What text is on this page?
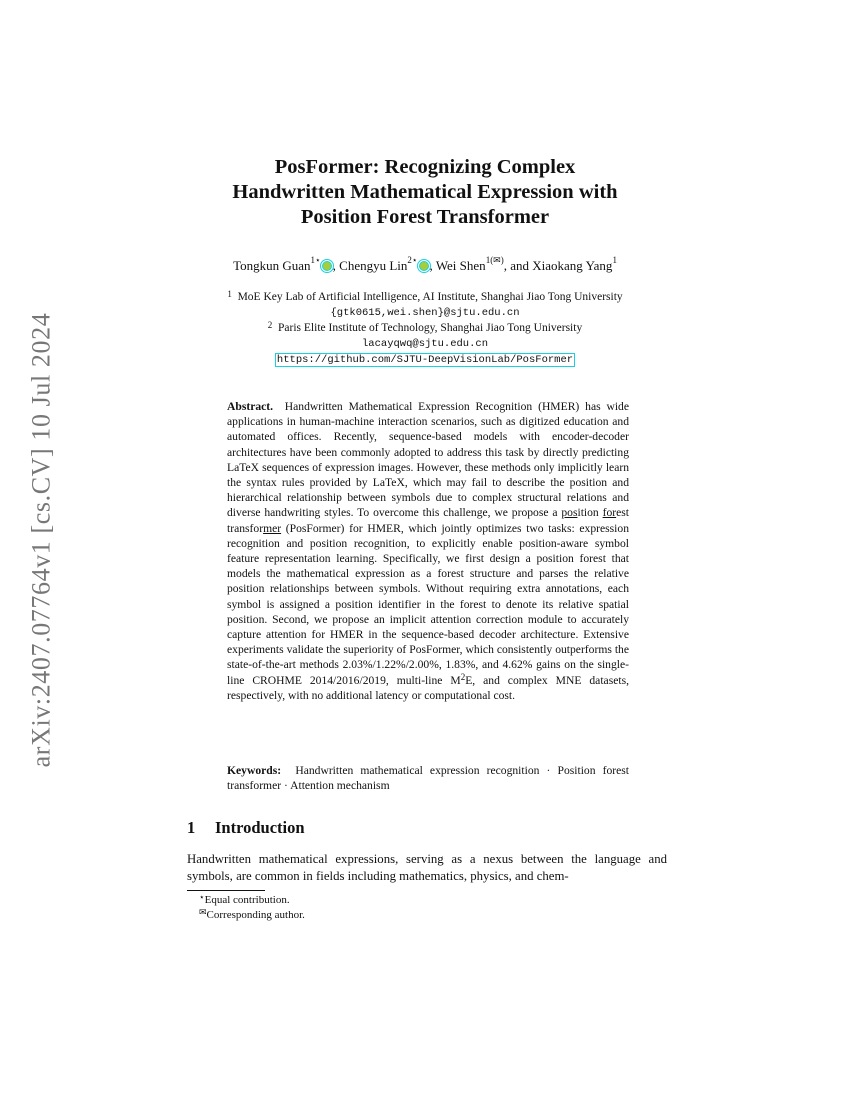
arXiv:2407.07764v1 [cs.CV] 10 Jul 2024
PosFormer: Recognizing Complex
Handwritten Mathematical Expression with
Position Forest Transformer
Tongkun Guan$^{1⋆}$ , Chengyu Lin$^{2⋆}$ , Wei Shen$^{1(✉)}$, and Xiaokang Yang$^1$
$^1$ MoE Key Lab of Artificial Intelligence, AI Institute, Shanghai Jiao Tong University
{gtk0615,wei.shen}@sjtu.edu.cn
$^2$ Paris Elite Institute of Technology, Shanghai Jiao Tong University
lacayqwq@sjtu.edu.cn
https://github.com/SJTU-DeepVisionLab/PosFormer

Abstract. Handwritten Mathematical Expression Recognition (HMER) has wide applications in human-machine interaction scenarios, such as digitized education and automated offices. Recently, sequence-based models with encoder-decoder architectures have been commonly adopted to address this task by directly predicting LaTeX sequences of expression images. However, these methods only implicitly learn the syntax rules provided by LaTeX, which may fail to describe the position and hierarchical relationship between symbols due to complex structural relations and diverse handwriting styles. To overcome this challenge, we propose a position forest transformer (PosFormer) for HMER, which jointly optimizes two tasks: expression recognition and position recognition, to explicitly enable position-aware symbol feature representation learning. Specifically, we first design a position forest that models the mathematical expression as a forest structure and parses the relative position relationships between symbols. Without requiring extra annotations, each symbol is assigned a position identifier in the forest to denote its relative spatial position. Second, we propose an implicit attention correction module to accurately capture attention for HMER in the sequence-based decoder architecture. Extensive experiments validate the superiority of PosFormer, which consistently outperforms the state-of-the-art methods 2.03%/1.22%/2.00%, 1.83%, and 4.62% gains on the single-line CROHME 2014/2016/2019, multi-line $M^2E$, and complex MNE datasets, respectively, with no additional latency or computational cost.

Keywords: Handwritten mathematical expression recognition · Position forest transformer · Attention mechanism

1 Introduction

Handwritten mathematical expressions, serving as a nexus between the language and symbols, are common in fields including mathematics, physics, and chem-

⋆Equal contribution.
✉Corresponding author.
